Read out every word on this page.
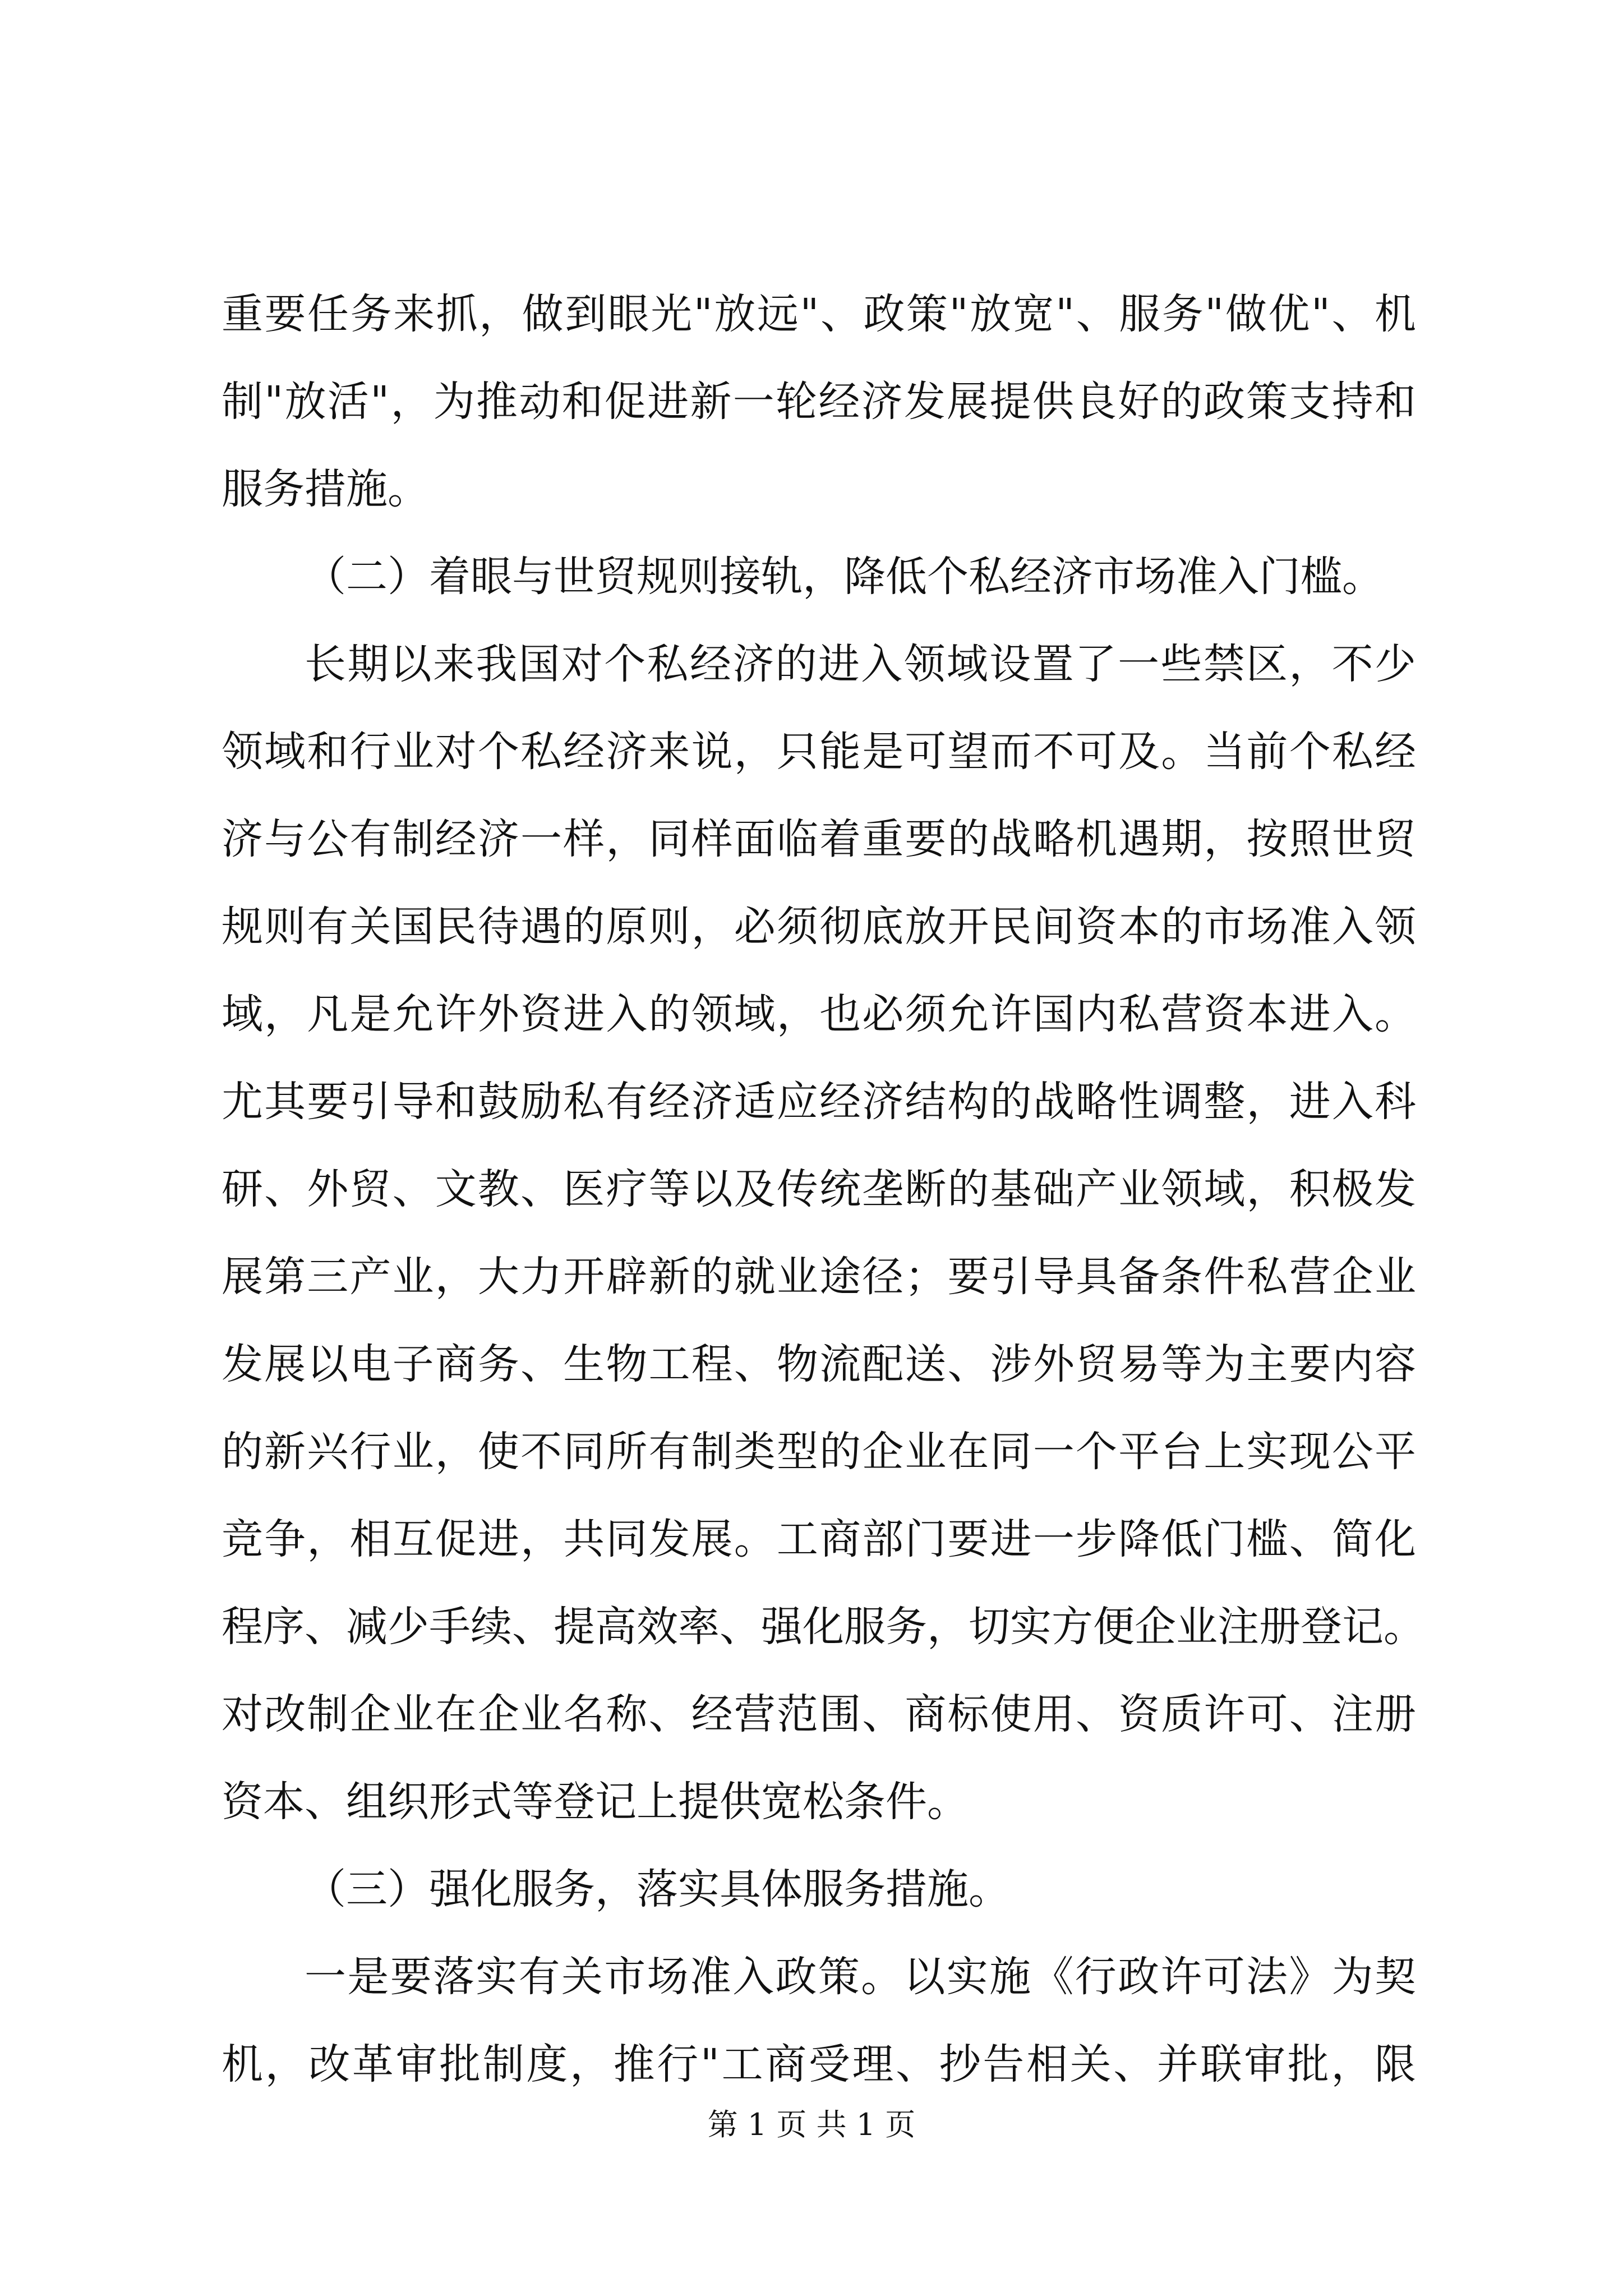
重要任务来抓，做到眼光"放远"、政策"放宽"、服务"做优"、机
制"放活"，为推动和促进新一轮经济发展提供良好的政策支持和
服务措施。
（二）着眼与世贸规则接轨，降低个私经济市场准入门槛。
长期以来我国对个私经济的进入领域设置了一些禁区，不少
领域和行业对个私经济来说，只能是可望而不可及。当前个私经
济与公有制经济一样，同样面临着重要的战略机遇期，按照世贸
规则有关国民待遇的原则，必须彻底放开民间资本的市场准入领
域，凡是允许外资进入的领域，也必须允许国内私营资本进入。
尤其要引导和鼓励私有经济适应经济结构的战略性调整，进入科
研、外贸、文教、医疗等以及传统垄断的基础产业领域，积极发
展第三产业，大力开辟新的就业途径；要引导具备条件私营企业
发展以电子商务、生物工程、物流配送、涉外贸易等为主要内容
的新兴行业，使不同所有制类型的企业在同一个平台上实现公平
竞争，相互促进，共同发展。工商部门要进一步降低门槛、简化
程序、减少手续、提高效率、强化服务，切实方便企业注册登记。
对改制企业在企业名称、经营范围、商标使用、资质许可、注册
资本、组织形式等登记上提供宽松条件。
（三）强化服务，落实具体服务措施。
一是要落实有关市场准入政策。以实施《行政许可法》为契
机，改革审批制度，推行"工商受理、抄告相关、并联审批，限
第 1 页 共 1 页
